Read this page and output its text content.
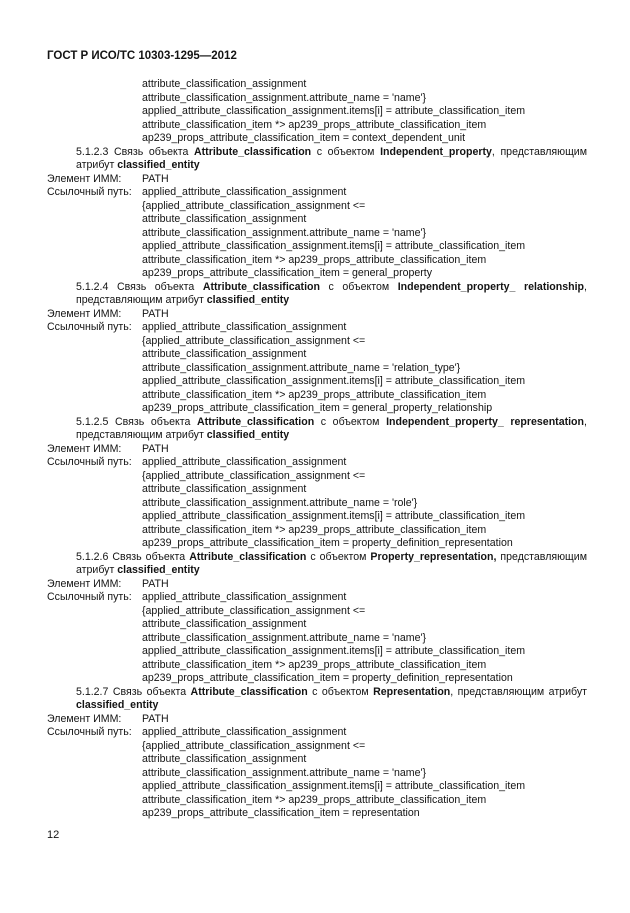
ГОСТ Р ИСО/ТС 10303-1295—2012
attribute_classification_assignment
attribute_classification_assignment.attribute_name = 'name'}
applied_attribute_classification_assignment.items[i] = attribute_classification_item
attribute_classification_item *> ap239_props_attribute_classification_item
ap239_props_attribute_classification_item = context_dependent_unit
5.1.2.3 Связь объекта Attribute_classification с объектом Independent_property, представляющим атрибут classified_entity
Элемент ИММ:	PATH
Ссылочный путь: applied_attribute_classification_assignment
{applied_attribute_classification_assignment <=
attribute_classification_assignment
attribute_classification_assignment.attribute_name = 'name'}
applied_attribute_classification_assignment.items[i] = attribute_classification_item
attribute_classification_item *> ap239_props_attribute_classification_item
ap239_props_attribute_classification_item = general_property
5.1.2.4 Связь объекта Attribute_classification с объектом Independent_property_ relationship, представляющим атрибут classified_entity
Элемент ИММ:	PATH
Ссылочный путь: applied_attribute_classification_assignment
{applied_attribute_classification_assignment <=
attribute_classification_assignment
attribute_classification_assignment.attribute_name = 'relation_type'}
applied_attribute_classification_assignment.items[i] = attribute_classification_item
attribute_classification_item *> ap239_props_attribute_classification_item
ap239_props_attribute_classification_item = general_property_relationship
5.1.2.5 Связь объекта Attribute_classification с объектом Independent_property_ representation, представляющим атрибут classified_entity
Элемент ИММ:	PATH
Ссылочный путь: applied_attribute_classification_assignment
{applied_attribute_classification_assignment <=
attribute_classification_assignment
attribute_classification_assignment.attribute_name = 'role'}
applied_attribute_classification_assignment.items[i] = attribute_classification_item
attribute_classification_item *> ap239_props_attribute_classification_item
ap239_props_attribute_classification_item = property_definition_representation
5.1.2.6 Связь объекта Attribute_classification с объектом Property_representation, представляющим атрибут classified_entity
Элемент ИММ:	PATH
Ссылочный путь: applied_attribute_classification_assignment
{applied_attribute_classification_assignment <=
attribute_classification_assignment
attribute_classification_assignment.attribute_name = 'name'}
applied_attribute_classification_assignment.items[i] = attribute_classification_item
attribute_classification_item *> ap239_props_attribute_classification_item
ap239_props_attribute_classification_item = property_definition_representation
5.1.2.7 Связь объекта Attribute_classification с объектом Representation, представляющим атрибут classified_entity
Элемент ИММ:	PATH
Ссылочный путь: applied_attribute_classification_assignment
{applied_attribute_classification_assignment <=
attribute_classification_assignment
attribute_classification_assignment.attribute_name = 'name'}
applied_attribute_classification_assignment.items[i] = attribute_classification_item
attribute_classification_item *> ap239_props_attribute_classification_item
ap239_props_attribute_classification_item = representation
12
